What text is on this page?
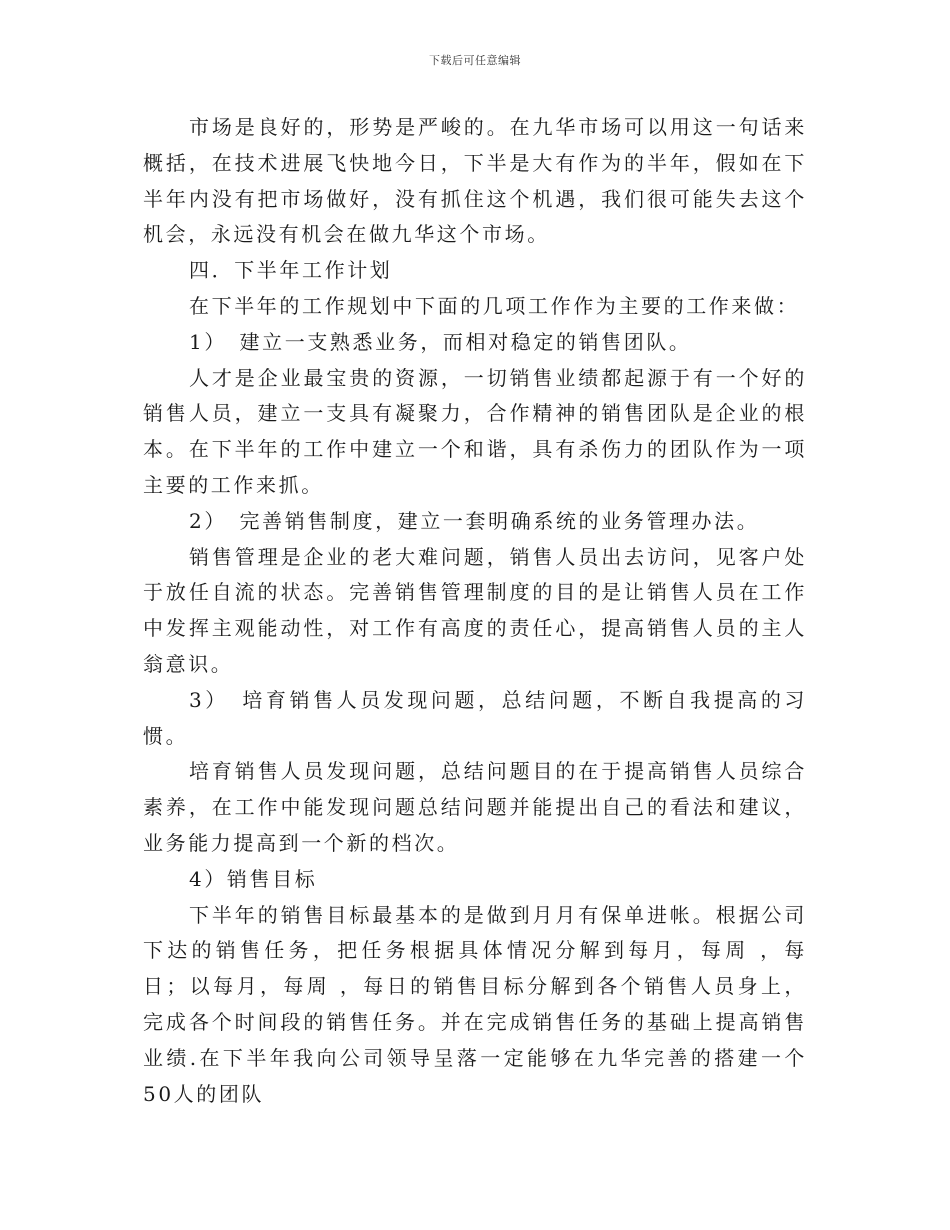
下载后可任意编辑

市场是良好的，形势是严峻的。在九华市场可以用这一句话来概括，在技术进展飞快地今日，下半是大有作为的半年，假如在下半年内没有把市场做好，没有抓住这个机遇，我们很可能失去这个机会，永远没有机会在做九华这个市场。

四．下半年工作计划

在下半年的工作规划中下面的几项工作作为主要的工作来做：

1）　建立一支熟悉业务，而相对稳定的销售团队。

人才是企业最宝贵的资源，一切销售业绩都起源于有一个好的销售人员，建立一支具有凝聚力，合作精神的销售团队是企业的根本。在下半年的工作中建立一个和谐，具有杀伤力的团队作为一项主要的工作来抓。

2）　完善销售制度，建立一套明确系统的业务管理办法。

销售管理是企业的老大难问题，销售人员出去访问，见客户处于放任自流的状态。完善销售管理制度的目的是让销售人员在工作中发挥主观能动性，对工作有高度的责任心，提高销售人员的主人翁意识。

3）　培育销售人员发现问题，总结问题，不断自我提高的习惯。

培育销售人员发现问题，总结问题目的在于提高销售人员综合素养，在工作中能发现问题总结问题并能提出自己的看法和建议，业务能力提高到一个新的档次。

4）销售目标

下半年的销售目标最基本的是做到月月有保单进帐。根据公司下达的销售任务，把任务根据具体情况分解到每月，每周 ，每日；以每月，每周 ，每日的销售目标分解到各个销售人员身上，完成各个时间段的销售任务。并在完成销售任务的基础上提高销售业绩.在下半年我向公司领导呈落一定能够在九华完善的搭建一个50人的团队
